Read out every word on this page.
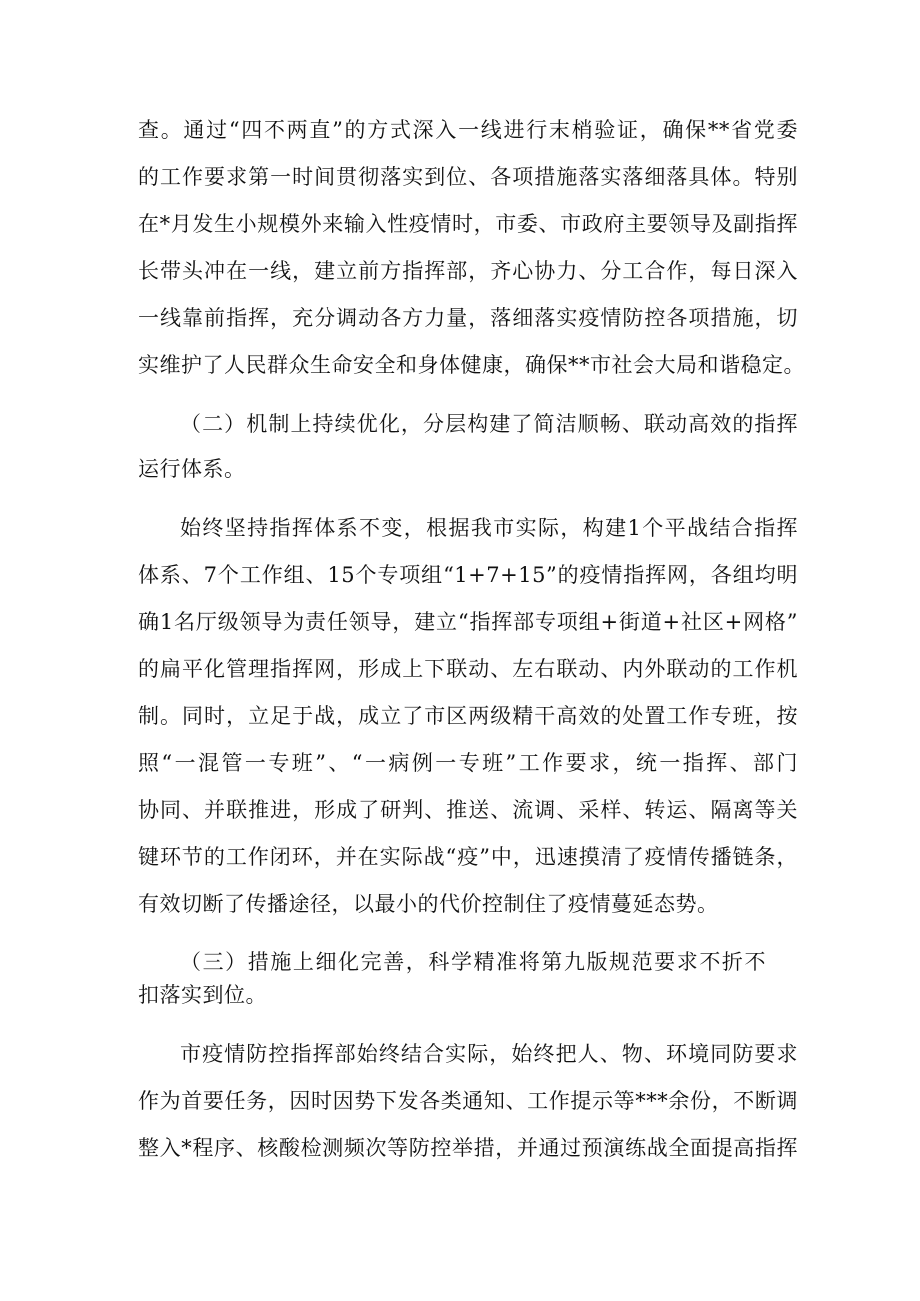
查。通过“四不两直”的方式深入一线进行末梢验证，确保**省党委
的工作要求第一时间贯彻落实到位、各项措施落实落细落具体。特别
在*月发生小规模外来输入性疫情时，市委、市政府主要领导及副指挥
长带头冲在一线，建立前方指挥部，齐心协力、分工合作，每日深入
一线靠前指挥，充分调动各方力量，落细落实疫情防控各项措施，切
实维护了人民群众生命安全和身体健康，确保**市社会大局和谐稳定。
（二）机制上持续优化，分层构建了简洁顺畅、联动高效的指挥
运行体系。
始终坚持指挥体系不变，根据我市实际，构建1个平战结合指挥
体系、7个工作组、15个专项组“1+7+15”的疫情指挥网，各组均明
确1名厅级领导为责任领导，建立“指挥部专项组+街道+社区+网格”
的扁平化管理指挥网，形成上下联动、左右联动、内外联动的工作机
制。同时，立足于战，成立了市区两级精干高效的处置工作专班，按
照“一混管一专班”、“一病例一专班”工作要求，统一指挥、部门
协同、并联推进，形成了研判、推送、流调、采样、转运、隔离等关
键环节的工作闭环，并在实际战“疫”中，迅速摸清了疫情传播链条，
有效切断了传播途径，以最小的代价控制住了疫情蔓延态势。
（三）措施上细化完善，科学精准将第九版规范要求不折不
扣落实到位。
市疫情防控指挥部始终结合实际，始终把人、物、环境同防要求
作为首要任务，因时因势下发各类通知、工作提示等***余份，不断调
整入*程序、核酸检测频次等防控举措，并通过预演练战全面提高指挥
